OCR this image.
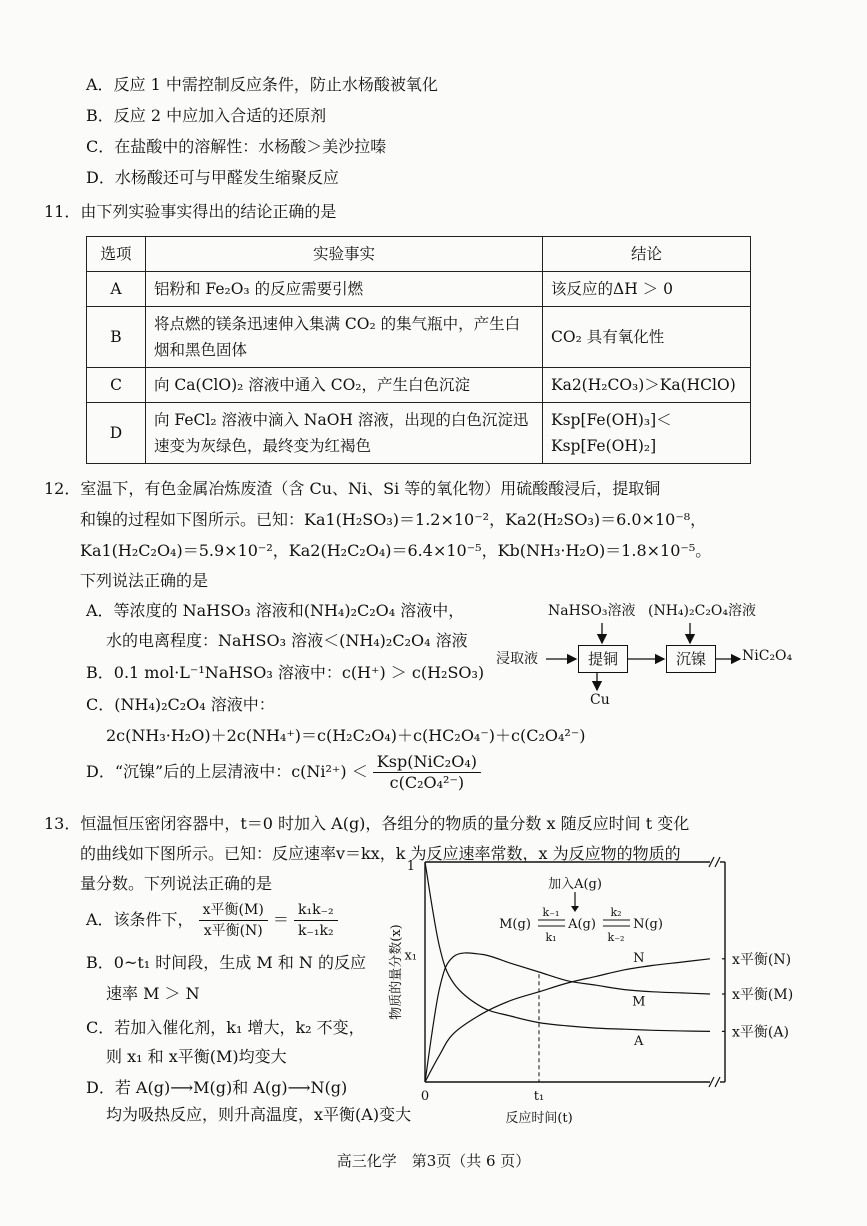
A．反应 1 中需控制反应条件，防止水杨酸被氧化
B．反应 2 中应加入合适的还原剂
C．在盐酸中的溶解性：水杨酸＞美沙拉嗪
D．水杨酸还可与甲醛发生缩聚反应
11．由下列实验事实得出的结论正确的是
选项	实验事实	结论
A	铝粉和 Fe₂O₃ 的反应需要引燃	该反应的ΔH ＞ 0
B	将点燃的镁条迅速伸入集满 CO₂ 的集气瓶中，产生白烟和黑色固体	CO₂ 具有氧化性
C	向 Ca(ClO)₂ 溶液中通入 CO₂，产生白色沉淀	Ka2(H₂CO₃)＞Ka(HClO)
D	向 FeCl₂ 溶液中滴入 NaOH 溶液，出现的白色沉淀迅速变为灰绿色，最终变为红褐色	Ksp[Fe(OH)₃]＜Ksp[Fe(OH)₂]
12．室温下，有色金属冶炼废渣（含 Cu、Ni、Si 等的氧化物）用硫酸酸浸后，提取铜
和镍的过程如下图所示。已知：Ka1(H₂SO₃)＝1.2×10⁻²，Ka2(H₂SO₃)＝6.0×10⁻⁸，
Ka1(H₂C₂O₄)＝5.9×10⁻²，Ka2(H₂C₂O₄)＝6.4×10⁻⁵，Kb(NH₃·H₂O)＝1.8×10⁻⁵。
下列说法正确的是
A．等浓度的 NaHSO₃ 溶液和(NH₄)₂C₂O₄ 溶液中，
水的电离程度：NaHSO₃ 溶液＜(NH₄)₂C₂O₄ 溶液
B．0.1 mol·L⁻¹NaHSO₃ 溶液中：c(H⁺) ＞ c(H₂SO₃)
C．(NH₄)₂C₂O₄ 溶液中：
2c(NH₃·H₂O)＋2c(NH₄⁺)＝c(H₂C₂O₄)＋c(HC₂O₄⁻)＋c(C₂O₄²⁻)
D．“沉镍”后的上层清液中：$c(Ni^{2+}) < \frac{\text{Ksp(NiC₂O₄)}}{\text{c(C₂O₄²⁻)}}$
NaHSO₃溶液 (NH₄)₂C₂O₄溶液
浸取液	提铜	沉镍	NiC₂O₄
Cu
13．恒温恒压密闭容器中，t＝0 时加入 A(g)，各组分的物质的量分数 x 随反应时间 t 变化
的曲线如下图所示。已知：反应速率v＝kx，k 为反应速率常数，x 为反应物的物质的
量分数。下列说法正确的是
A．该条件下， $\frac{\text{x平衡(M)}}{\text{x平衡(N)}} = \frac{\text{k₁k₋₂}}{\text{k₋₁k₂}}$
B．0~t₁ 时间段，生成 M 和 N 的反应
速率 M ＞ N
C．若加入催化剂，k₁ 增大，k₂ 不变，
则 x₁ 和 x平衡(M)均变大
D．若 A(g)⟶M(g)和 A(g)⟶N(g)
均为吸热反应，则升高温度，x平衡(A)变大
A
x平衡(A)
M	x平衡(M)
N	x平衡(N)
1
x₁
0	t₁
反应时间(t)
物质的量分数(x)
加入A(g)
M(g)	A(g)	N(g)
k₋₁
k₁
k₂
k₋₂
高三化学　第3页（共 6 页）
